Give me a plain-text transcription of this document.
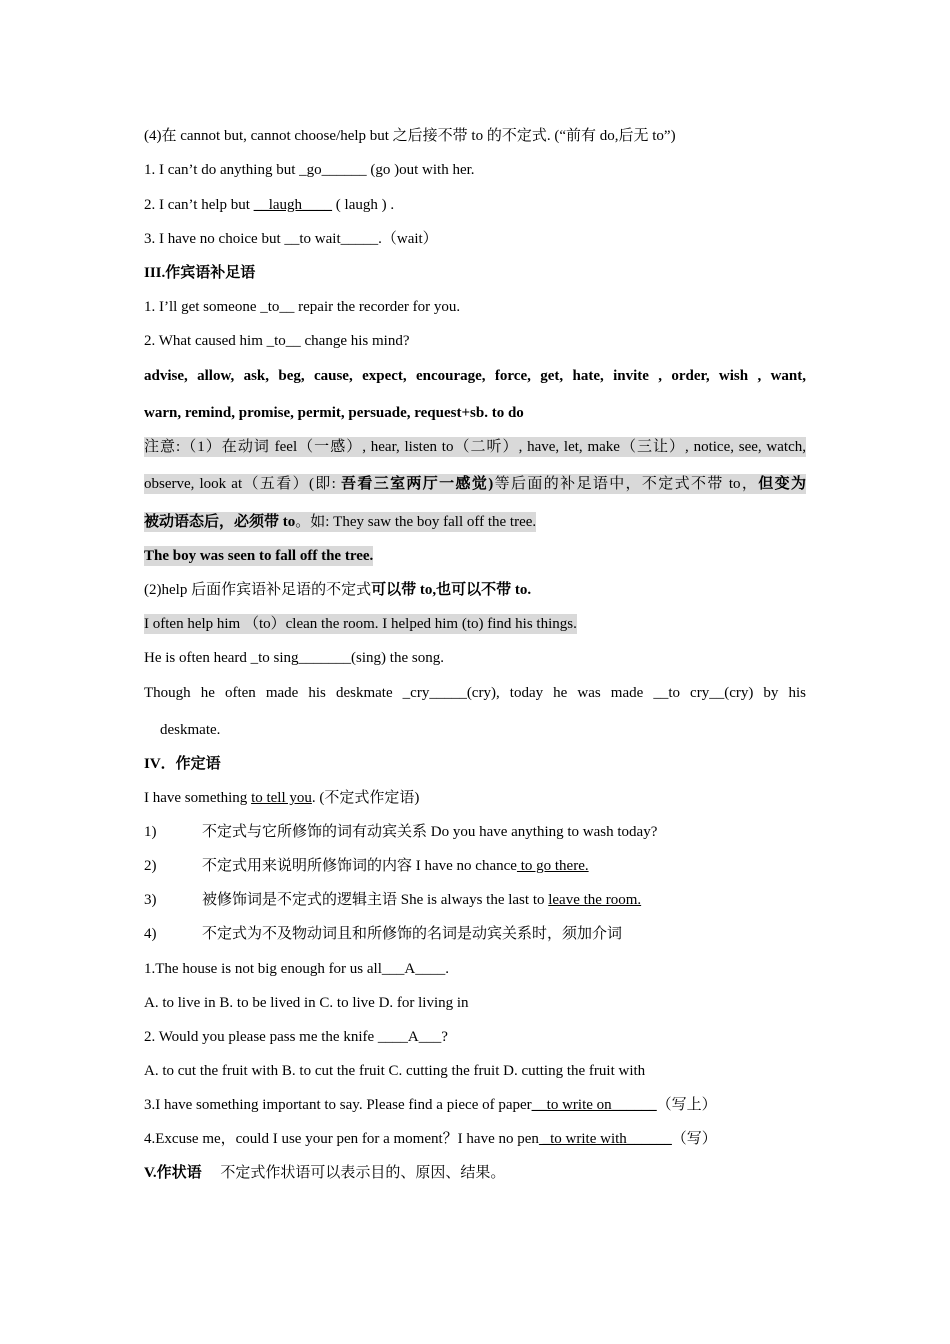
(4)在 cannot but, cannot choose/help but 之后接不带 to 的不定式. (“前有 do,后无 to”)
1. I can’t do anything but _go______ (go )out with her.
2. I can’t help but __laugh____ ( laugh ) .
3. I have no choice but __to wait_____.（wait）
III.作宾语补足语
1. I’ll get someone _to__ repair the recorder for you.
2. What caused him _to__ change his mind?
advise, allow, ask, beg, cause, expect, encourage, force, get, hate, invite , order, wish , want,
warn, remind, promise, permit, persuade, request+sb. to do
注意:（1）在动词 feel（一感）, hear, listen to（二听）, have, let, make（三让）, notice, see, watch,
observe, look at（五看）(即: 吾看三室两厅一感觉)等后面的补足语中，不定式不带 to，但变为
被动语态后，必须带 to。如: They saw the boy fall off the tree.
The boy was seen to fall off the tree.
(2)help 后面作宾语补足语的不定式可以带 to,也可以不带 to.
I often help him （to）clean the room. I helped him (to) find his things.
He is often heard _to sing_______(sing) the song.
Though he often made his deskmate _cry_____(cry), today he was made __to cry__(cry) by his
deskmate.
IV．作定语
I have something to tell you. (不定式作定语)
1)	不定式与它所修饰的词有动宾关系 Do you have anything to wash today?
2)	不定式用来说明所修饰词的内容 I have no chance to go there.
3)	被修饰词是不定式的逻辑主语 She is always the last to leave the room.
4)	不定式为不及物动词且和所修饰的名词是动宾关系时，须加介词
1.The house is not big enough for us all___A____.
A. to live in B. to be lived in C. to live D. for living in
2. Would you please pass me the knife ____A___?
A. to cut the fruit with B. to cut the fruit C. cutting the fruit D. cutting the fruit with
3.I have something important to say. Please find a piece of paper__to write on______（写上）
4.Excuse me，could I use your pen for a moment？I have no pen _to write with______（写）
V.作状语     不定式作状语可以表示目的、原因、结果。
